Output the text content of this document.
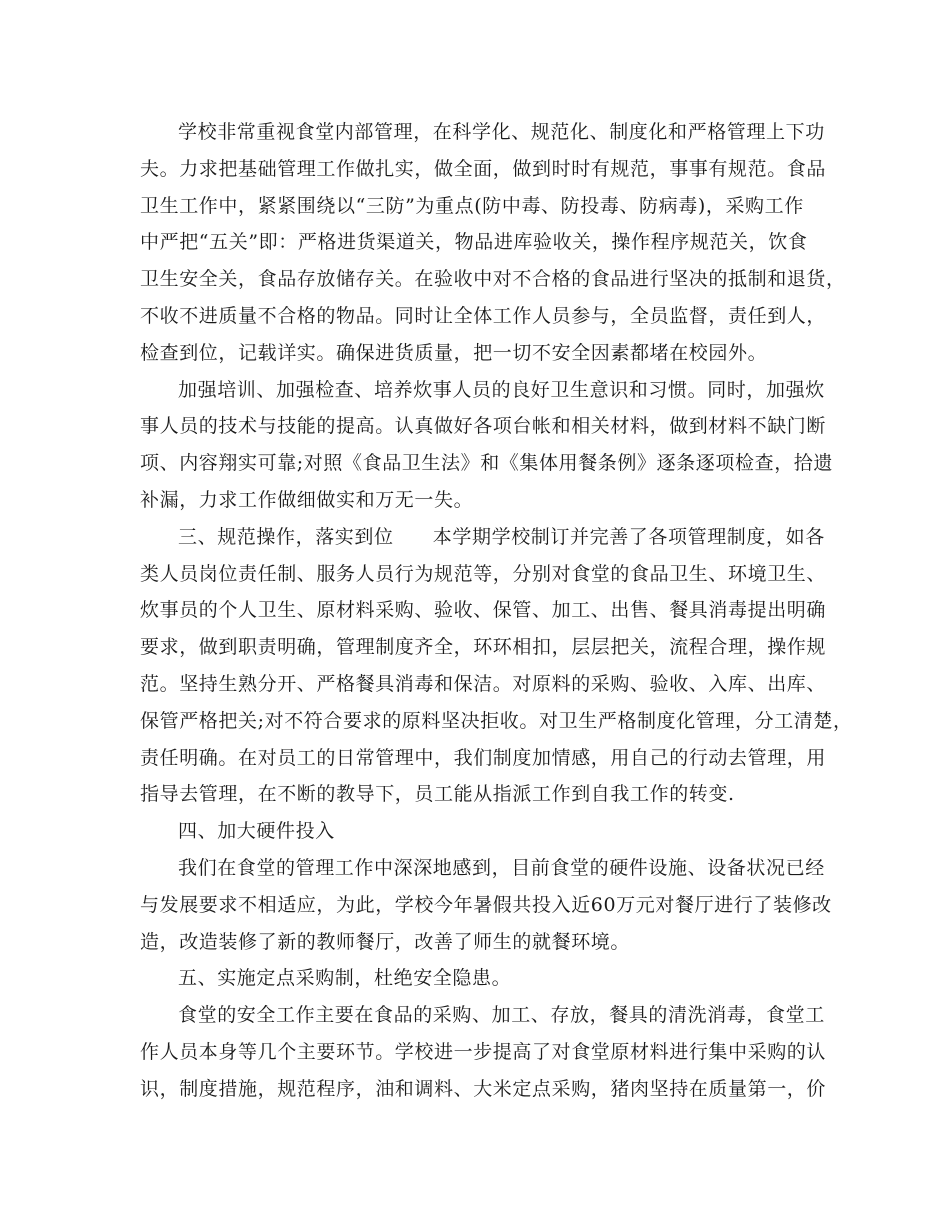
学校非常重视食堂内部管理，在科学化、规范化、制度化和严格管理上下功
夫。力求把基础管理工作做扎实，做全面，做到时时有规范，事事有规范。食品
卫生工作中，紧紧围绕以“三防”为重点(防中毒、防投毒、防病毒)，采购工作
中严把“五关”即：严格进货渠道关，物品进库验收关，操作程序规范关，饮食
卫生安全关，食品存放储存关。在验收中对不合格的食品进行坚决的抵制和退货，
不收不进质量不合格的物品。同时让全体工作人员参与，全员监督，责任到人，
检查到位，记载详实。确保进货质量，把一切不安全因素都堵在校园外。
加强培训、加强检查、培养炊事人员的良好卫生意识和习惯。同时，加强炊
事人员的技术与技能的提高。认真做好各项台帐和相关材料，做到材料不缺门断
项、内容翔实可靠;对照《食品卫生法》和《集体用餐条例》逐条逐项检查，拾遗
补漏，力求工作做细做实和万无一失。
三、规范操作，落实到位　　本学期学校制订并完善了各项管理制度，如各
类人员岗位责任制、服务人员行为规范等，分别对食堂的食品卫生、环境卫生、
炊事员的个人卫生、原材料采购、验收、保管、加工、出售、餐具消毒提出明确
要求，做到职责明确，管理制度齐全，环环相扣，层层把关，流程合理，操作规
范。坚持生熟分开、严格餐具消毒和保洁。对原料的采购、验收、入库、出库、
保管严格把关;对不符合要求的原料坚决拒收。对卫生严格制度化管理，分工清楚，
责任明确。在对员工的日常管理中，我们制度加情感，用自己的行动去管理，用
指导去管理，在不断的教导下，员工能从指派工作到自我工作的转变.
四、加大硬件投入
我们在食堂的管理工作中深深地感到，目前食堂的硬件设施、设备状况已经
与发展要求不相适应，为此，学校今年暑假共投入近60万元对餐厅进行了装修改
造，改造装修了新的教师餐厅，改善了师生的就餐环境。
五、实施定点采购制，杜绝安全隐患。
食堂的安全工作主要在食品的采购、加工、存放，餐具的清洗消毒，食堂工
作人员本身等几个主要环节。学校进一步提高了对食堂原材料进行集中采购的认
识，制度措施，规范程序，油和调料、大米定点采购，猪肉坚持在质量第一，价
